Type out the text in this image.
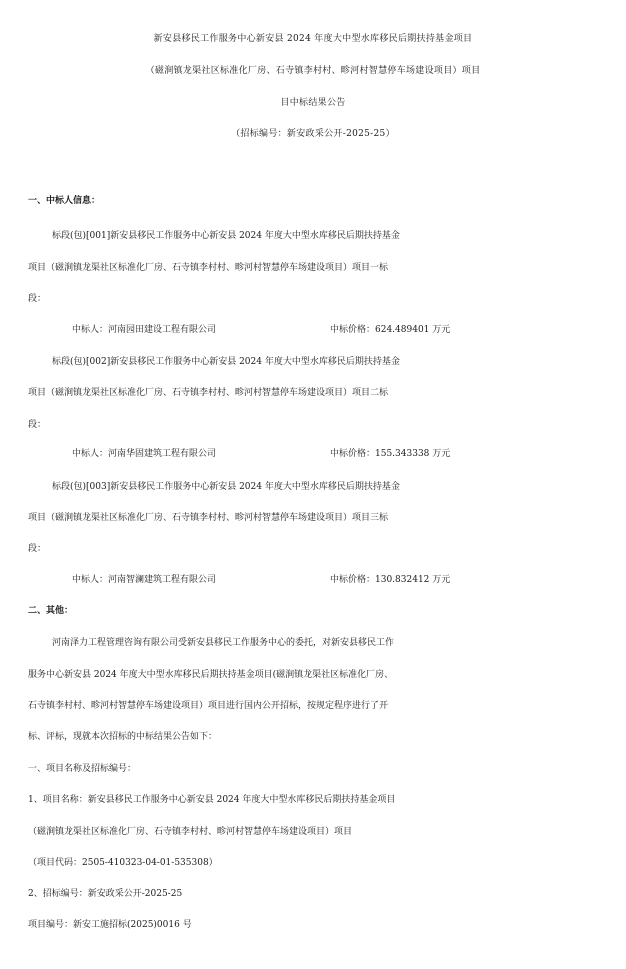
新安县移民工作服务中心新安县 2024 年度大中型水库移民后期扶持基金项目
（磁涧镇龙渠社区标准化厂房、石寺镇李村村、畛河村智慧停车场建设项目）项目
目中标结果公告
（招标编号：新安政采公开-2025-25）
一、中标人信息：
标段(包)[001]新安县移民工作服务中心新安县 2024 年度大中型水库移民后期扶持基金
项目（磁涧镇龙渠社区标准化厂房、石寺镇李村村、畛河村智慧停车场建设项目）项目一标
段：
中标人：河南园田建设工程有限公司	中标价格：624.489401 万元
标段(包)[002]新安县移民工作服务中心新安县 2024 年度大中型水库移民后期扶持基金
项目（磁涧镇龙渠社区标准化厂房、石寺镇李村村、畛河村智慧停车场建设项目）项目二标
段：
中标人：河南华固建筑工程有限公司	中标价格：155.343338 万元
标段(包)[003]新安县移民工作服务中心新安县 2024 年度大中型水库移民后期扶持基金
项目（磁涧镇龙渠社区标准化厂房、石寺镇李村村、畛河村智慧停车场建设项目）项目三标
段：
中标人：河南智澜建筑工程有限公司	中标价格：130.832412 万元
二、其他：
河南泽力工程管理咨询有限公司受新安县移民工作服务中心的委托，对新安县移民工作
服务中心新安县 2024 年度大中型水库移民后期扶持基金项目(磁涧镇龙渠社区标准化厂房、
石寺镇李村村、畛河村智慧停车场建设项目）项目进行国内公开招标，按规定程序进行了开
标、评标，现就本次招标的中标结果公告如下：
一、项目名称及招标编号：
1、项目名称：新安县移民工作服务中心新安县 2024 年度大中型水库移民后期扶持基金项目
（磁涧镇龙渠社区标准化厂房、石寺镇李村村、畛河村智慧停车场建设项目）项目
（项目代码：2505-410323-04-01-535308）
2、招标编号：新安政采公开-2025-25
项目编号：新安工施招标(2025)0016 号
